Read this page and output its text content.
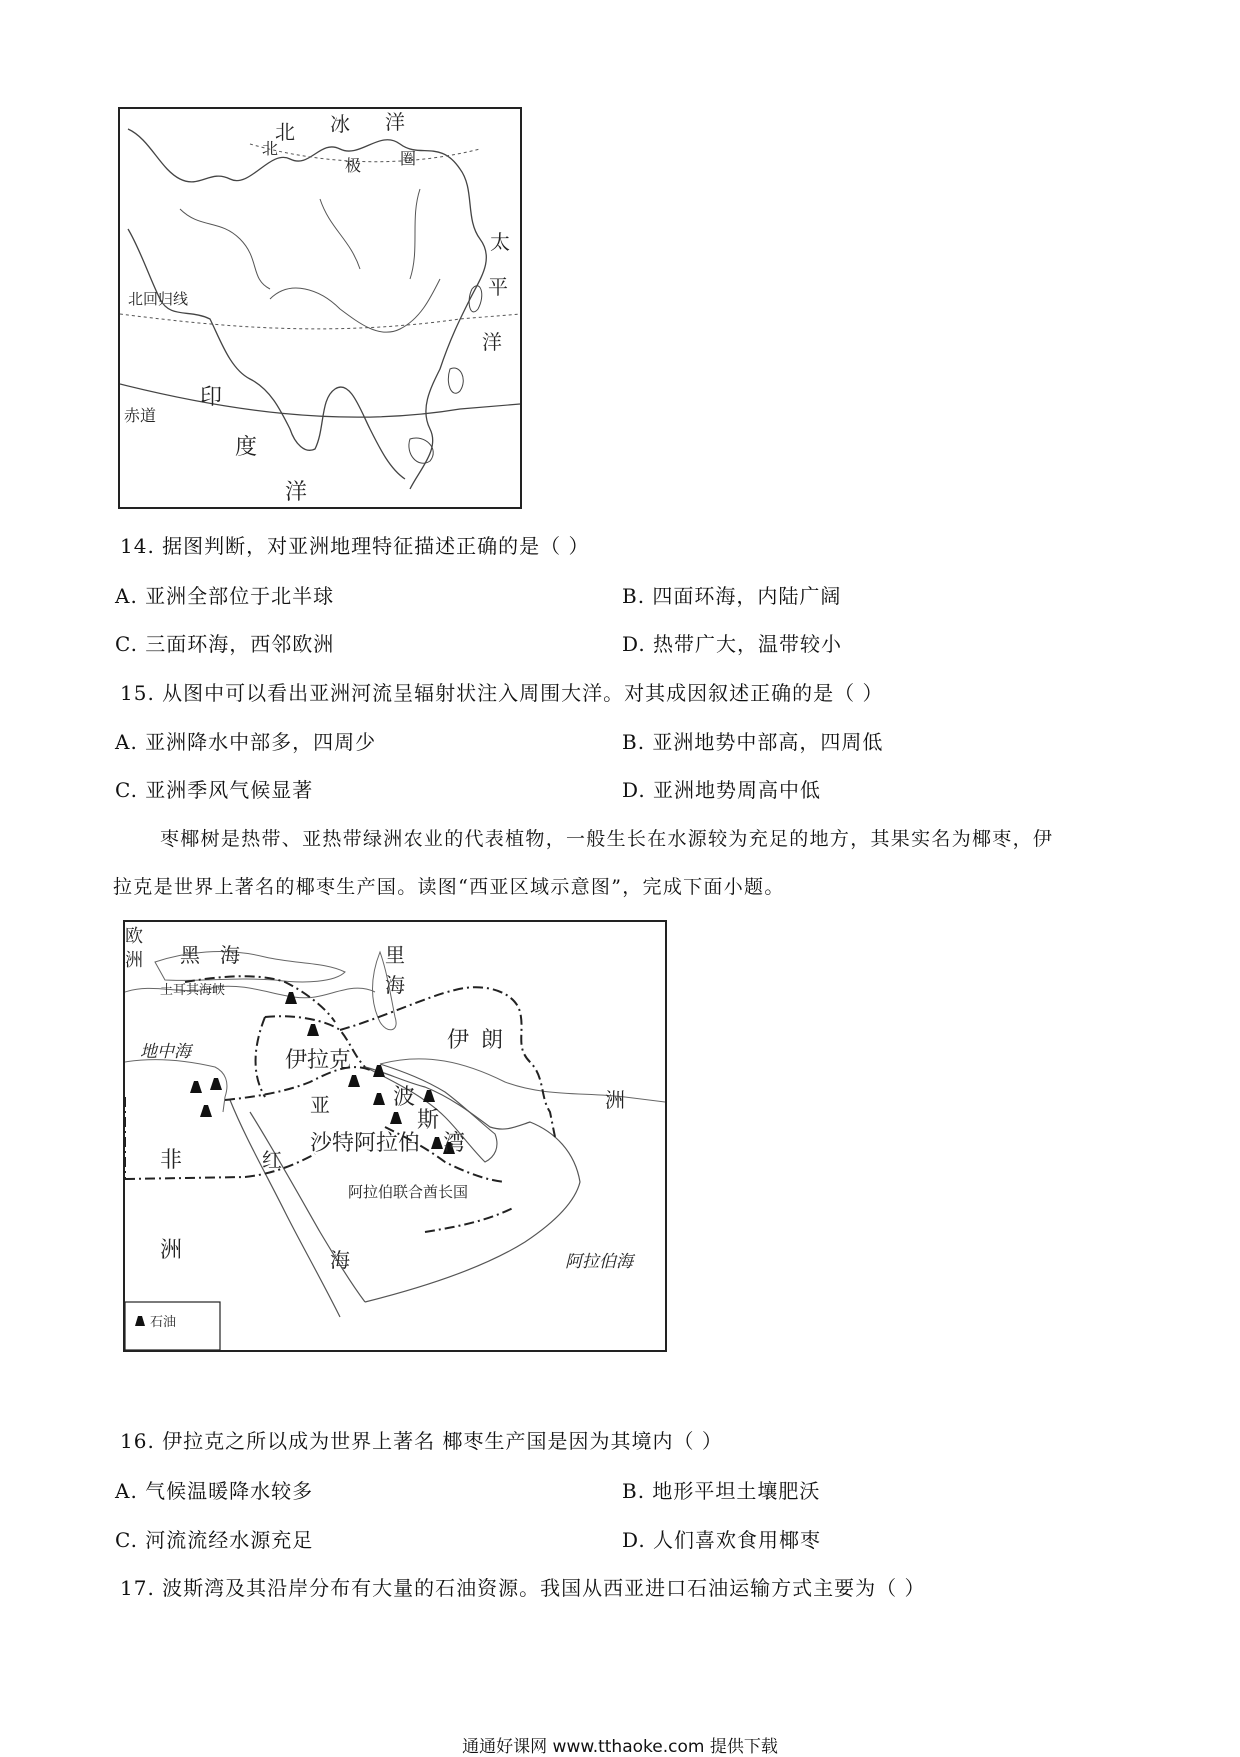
北 冰 洋
北
极 圈
太
平
洋
北回归线
赤道
印
度
洋
14. 据图判断，对亚洲地理特征描述正确的是（ ）
A. 亚洲全部位于北半球	B. 四面环海，内陆广阔
C. 三面环海，西邻欧洲	D. 热带广大，温带较小
15. 从图中可以看出亚洲河流呈辐射状注入周围大洋。对其成因叙述正确的是（ ）
A. 亚洲降水中部多，四周少	B. 亚洲地势中部高，四周低
C. 亚洲季风气候显著	D. 亚洲地势周高中低
枣椰树是热带、亚热带绿洲农业的代表植物，一般生长在水源较为充足的地方，其果实名为椰枣，伊
拉克是世界上著名的椰枣生产国。读图“西亚区域示意图”，完成下面小题。
欧
洲 黑海	里
海
土耳其海峡
地中海	伊拉克
伊朗
亚	洲
波
斯
湾
沙特阿拉伯
阿拉伯联合酋长国
非
洲
红
海	阿拉伯海
石油
16. 伊拉克之所以成为世界上著名 椰枣生产国是因为其境内（ ）
A. 气候温暖降水较多	B. 地形平坦土壤肥沃
C. 河流流经水源充足	D. 人们喜欢食用椰枣
17. 波斯湾及其沿岸分布有大量的石油资源。我国从西亚进口石油运输方式主要为（ ）
通通好课网 www.tthaoke.com 提供下载
